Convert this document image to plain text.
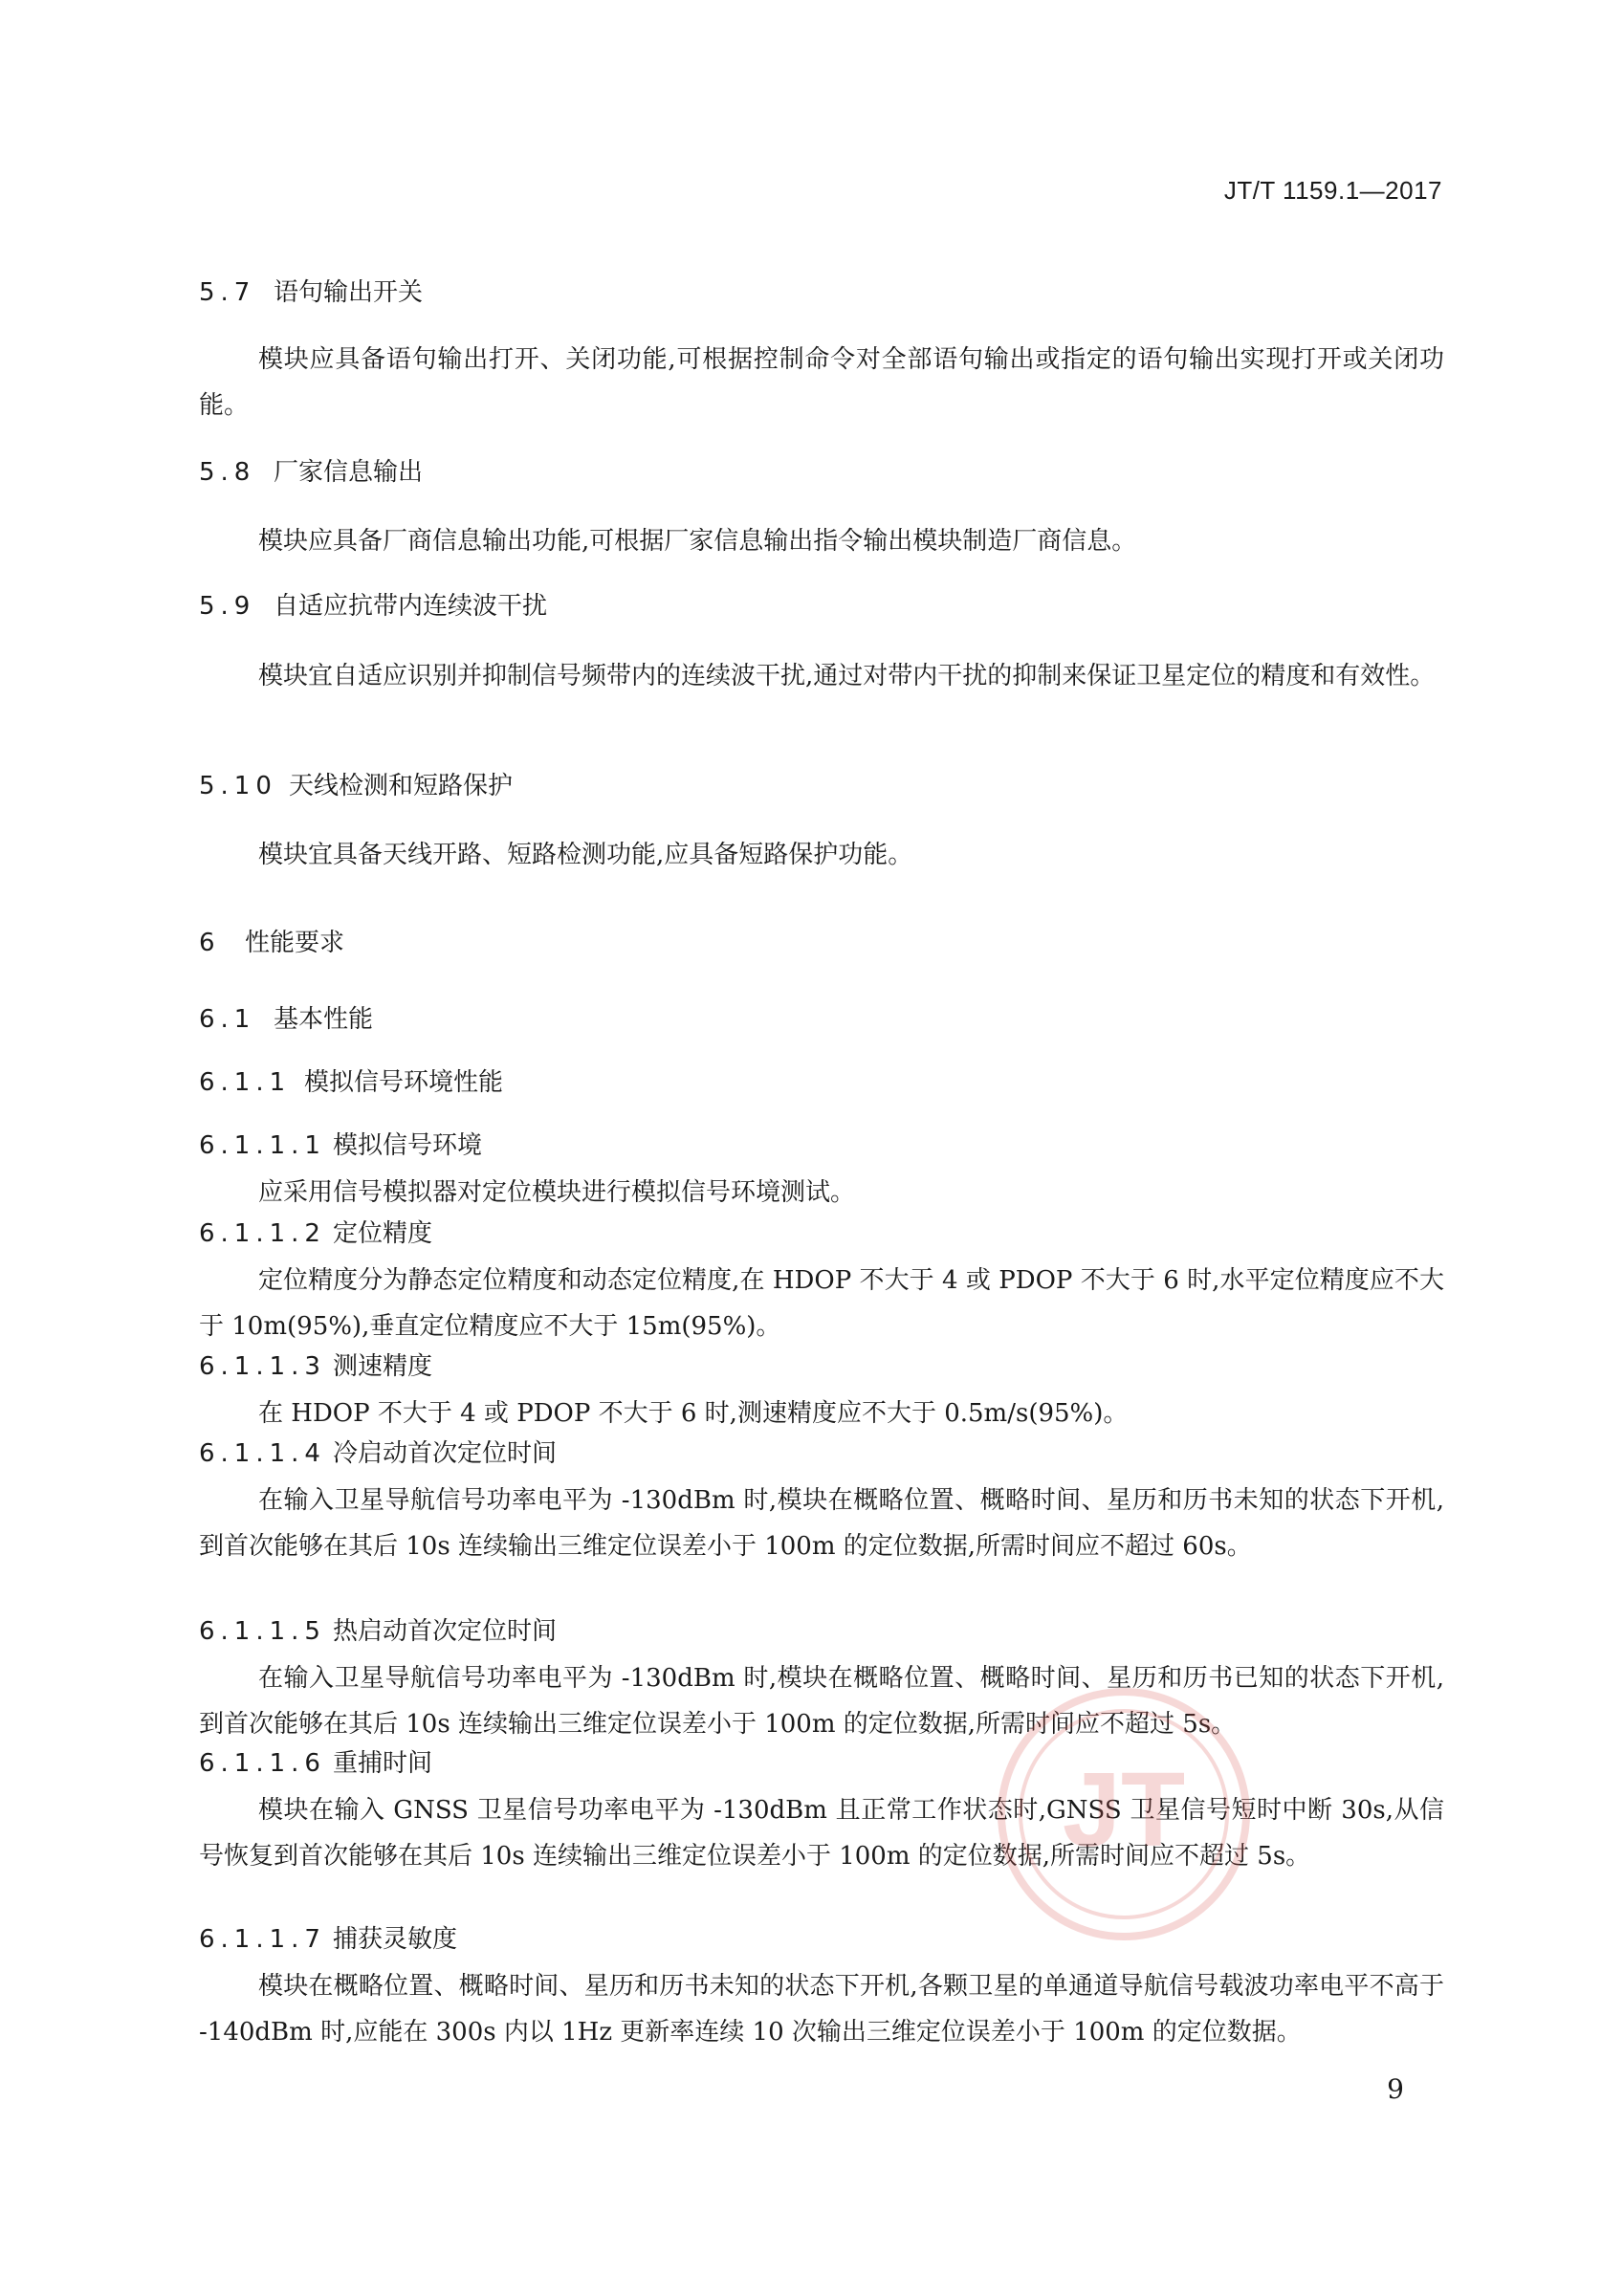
JT/T 1159.1—2017
5.7 语句输出开关
模块应具备语句输出打开、关闭功能,可根据控制命令对全部语句输出或指定的语句输出实现打开或关闭功能。
5.8 厂家信息输出
模块应具备厂商信息输出功能,可根据厂家信息输出指令输出模块制造厂商信息。
5.9 自适应抗带内连续波干扰
模块宜自适应识别并抑制信号频带内的连续波干扰,通过对带内干扰的抑制来保证卫星定位的精度和有效性。
5.10 天线检测和短路保护
模块宜具备天线开路、短路检测功能,应具备短路保护功能。
6 性能要求
6.1 基本性能
6.1.1 模拟信号环境性能
6.1.1.1 模拟信号环境
应采用信号模拟器对定位模块进行模拟信号环境测试。
6.1.1.2 定位精度
定位精度分为静态定位精度和动态定位精度,在 HDOP 不大于 4 或 PDOP 不大于 6 时,水平定位精度应不大于 10m(95%),垂直定位精度应不大于 15m(95%)。
6.1.1.3 测速精度
在 HDOP 不大于 4 或 PDOP 不大于 6 时,测速精度应不大于 0.5m/s(95%)。
6.1.1.4 冷启动首次定位时间
在输入卫星导航信号功率电平为 -130dBm 时,模块在概略位置、概略时间、星历和历书未知的状态下开机,到首次能够在其后 10s 连续输出三维定位误差小于 100m 的定位数据,所需时间应不超过 60s。
6.1.1.5 热启动首次定位时间
在输入卫星导航信号功率电平为 -130dBm 时,模块在概略位置、概略时间、星历和历书已知的状态下开机,到首次能够在其后 10s 连续输出三维定位误差小于 100m 的定位数据,所需时间应不超过 5s。
6.1.1.6 重捕时间
模块在输入 GNSS 卫星信号功率电平为 -130dBm 且正常工作状态时,GNSS 卫星信号短时中断 30s,从信号恢复到首次能够在其后 10s 连续输出三维定位误差小于 100m 的定位数据,所需时间应不超过 5s。
6.1.1.7 捕获灵敏度
模块在概略位置、概略时间、星历和历书未知的状态下开机,各颗卫星的单通道导航信号载波功率电平不高于 -140dBm 时,应能在 300s 内以 1Hz 更新率连续 10 次输出三维定位误差小于 100m 的定位数据。
9
JT
